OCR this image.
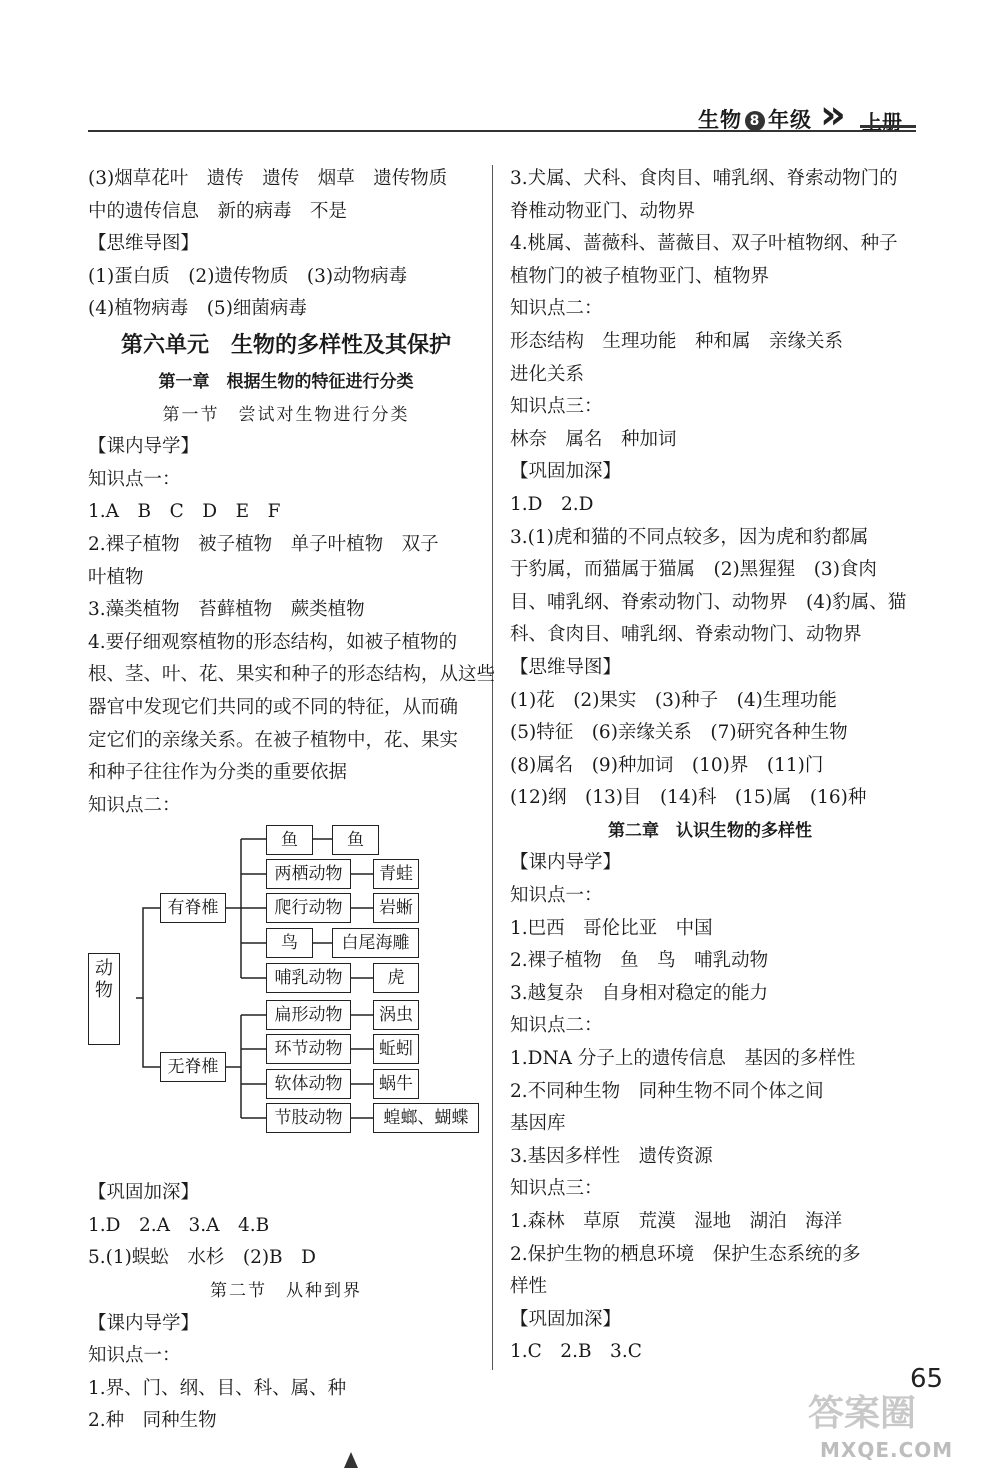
生物 8 年级 » 上册
(3)烟草花叶　遗传　遗传　烟草　遗传物质
中的遗传信息　新的病毒　不是
【思维导图】
(1)蛋白质　(2)遗传物质　(3)动物病毒
(4)植物病毒　(5)细菌病毒
第六单元　生物的多样性及其保护
第一章　根据生物的特征进行分类
第一节　尝试对生物进行分类
【课内导学】
知识点一：
1.A　B　C　D　E　F
2.裸子植物　被子植物　单子叶植物　双子
叶植物
3.藻类植物　苔藓植物　蕨类植物
4.要仔细观察植物的形态结构，如被子植物的
根、茎、叶、花、果实和种子的形态结构，从这些
器官中发现它们共同的或不同的特征，从而确
定它们的亲缘关系。在被子植物中，花、果实
和种子往往作为分类的重要依据
知识点二：
动物
有脊椎
无脊椎
鱼	鱼
两栖动物	青蛙
爬行动物	岩蜥
鸟	白尾海雕
哺乳动物	虎
扁形动物	涡虫
环节动物	蚯蚓
软体动物	蜗牛
节肢动物	蝗螂、蝴蝶
【巩固加深】
1.D　2.A　3.A　4.B
5.(1)蜈蚣　水杉　(2)B　D
第二节　从种到界
【课内导学】
知识点一：
1.界、门、纲、目、科、属、种
2.种　同种生物
3.犬属、犬科、食肉目、哺乳纲、脊索动物门的
脊椎动物亚门、动物界
4.桃属、蔷薇科、蔷薇目、双子叶植物纲、种子
植物门的被子植物亚门、植物界
知识点二：
形态结构　生理功能　种和属　亲缘关系
进化关系
知识点三：
林奈　属名　种加词
【巩固加深】
1.D　2.D
3.(1)虎和猫的不同点较多，因为虎和豹都属
于豹属，而猫属于猫属　(2)黑猩猩　(3)食肉
目、哺乳纲、脊索动物门、动物界　(4)豹属、猫
科、食肉目、哺乳纲、脊索动物门、动物界
【思维导图】
(1)花　(2)果实　(3)种子　(4)生理功能
(5)特征　(6)亲缘关系　(7)研究各种生物
(8)属名　(9)种加词　(10)界　(11)门
(12)纲　(13)目　(14)科　(15)属　(16)种
第二章　认识生物的多样性
【课内导学】
知识点一：
1.巴西　哥伦比亚　中国
2.裸子植物　鱼　鸟　哺乳动物
3.越复杂　自身相对稳定的能力
知识点二：
1.DNA 分子上的遗传信息　基因的多样性
2.不同种生物　同种生物不同个体之间
基因库
3.基因多样性　遗传资源
知识点三：
1.森林　草原　荒漠　湿地　湖泊　海洋
2.保护生物的栖息环境　保护生态系统的多
样性
【巩固加深】
1.C　2.B　3.C
答案圈
MXQE.COM
65
